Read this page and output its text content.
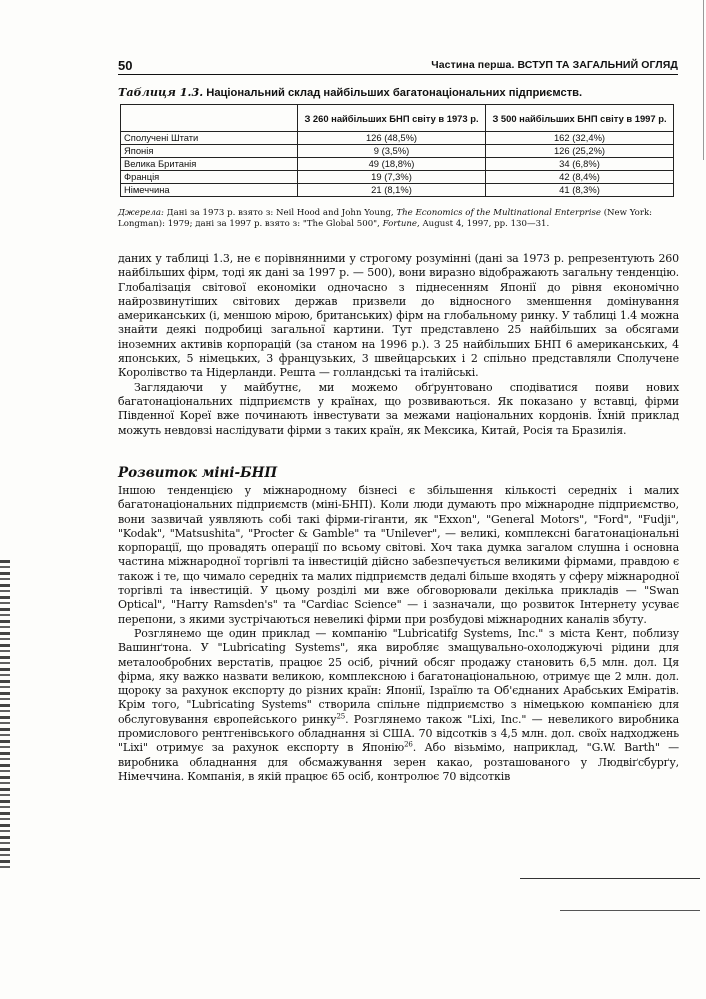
50	Частина перша. ВСТУП ТА ЗАГАЛЬНИЙ ОГЛЯД
Таблиця 1.3. Національний склад найбільших багатонаціональних підприємств.
	З 260 найбільших БНП світу в 1973 р.	З 500 найбільших БНП світу в 1997 р.
Сполучені Штати	126 (48,5%)	162 (32,4%)
Японія	9 (3,5%)	126 (25,2%)
Велика Британія	49 (18,8%)	34 (6,8%)
Франція	19 (7,3%)	42 (8,4%)
Німеччина	21 (8,1%)	41 (8,3%)
Джерела: Дані за 1973 р. взято з: Neil Hood and John Young, The Economics of the Multinational Enterprise (New York: Longman): 1979; дані за 1997 р. взято з: "The Global 500", Fortune, August 4, 1997, pp. 130—31.

даних у таблиці 1.3, не є порівнянними у строгому розумінні (дані за 1973 р. репрезентують 260 найбільших фірм, тоді як дані за 1997 р. — 500), вони виразно відображають загальну тенденцію. Глобалізація світової економіки одночасно з піднесенням Японії до рівня економічно найрозвинутіших світових держав призвели до відносного зменшення домінування американських (і, меншою мірою, британських) фірм на глобальному ринку. У таблиці 1.4 можна знайти деякі подробиці загальної картини. Тут представлено 25 найбільших за обсягами іноземних активів корпорацій (за станом на 1996 р.). З 25 найбільших БНП 6 американських, 4 японських, 5 німецьких, 3 французьких, 3 швейцарських і 2 спільно представляли Сполучене Королівство та Нідерланди. Решта — голландські та італійські.

Заглядаючи у майбутнє, ми можемо обґрунтовано сподіватися появи нових багатонаціональних підприємств у країнах, що розвиваються. Як показано у вставці, фірми Південної Кореї вже починають інвестувати за межами національних кордонів. Їхній приклад можуть невдовзі наслідувати фірми з таких країн, як Мексика, Китай, Росія та Бразилія.

Розвиток міні-БНП

Іншою тенденцією у міжнародному бізнесі є збільшення кількості середніх і малих багатонаціональних підприємств (міні-БНП). Коли люди думають про міжнародне підприємство, вони зазвичай уявляють собі такі фірми-гіганти, як "Exxon", "General Motors", "Ford", "Fudji", "Kodak", "Matsushita", "Procter & Gamble" та "Unilever", — великі, комплексні багатонаціональні корпорації, що провадять операції по всьому світові. Хоч така думка загалом слушна і основна частина міжнародної торгівлі та інвестицій дійсно забезпечується великими фірмами, правдою є також і те, що чимало середніх та малих підприємств дедалі більше входять у сферу міжнародної торгівлі та інвестицій. У цьому розділі ми вже обговорювали декілька прикладів — "Swan Optical", "Harry Ramsden's" та "Cardiac Science" — і зазначали, що розвиток Інтернету усуває перепони, з якими зустрічаються невеликі фірми при розбудові міжнародних каналів збуту.

Розглянемо ще один приклад — компанію "Lubricatifg Systems, Inc." з міста Кент, поблизу Вашинґтона. У "Lubricating Systems", яка виробляє змащувально-охолоджуючі рідини для металообробних верстатів, працює 25 осіб, річний обсяг продажу становить 6,5 млн. дол. Ця фірма, яку важко назвати великою, комплексною і багатонаціональною, отримує ще 2 млн. дол. щороку за рахунок експорту до різних країн: Японії, Ізраїлю та Об'єднаних Арабських Еміратів. Крім того, "Lubricating Systems" створила спільне підприємство з німецькою компанією для обслуговування європейського ринку$^{25}$. Розглянемо також "Lixi, Inc." — невеликого виробника промислового рентгенівського обладнання зі США. 70 відсотків з 4,5 млн. дол. своїх надходжень "Lixi" отримує за рахунок експорту в Японію$^{26}$. Або візьмімо, наприклад, "G.W. Barth" — виробника обладнання для обсмажування зерен какао, розташованого у Людвіґсбурґу, Німеччина. Компанія, в якій працює 65 осіб, контролює 70 відсотків
